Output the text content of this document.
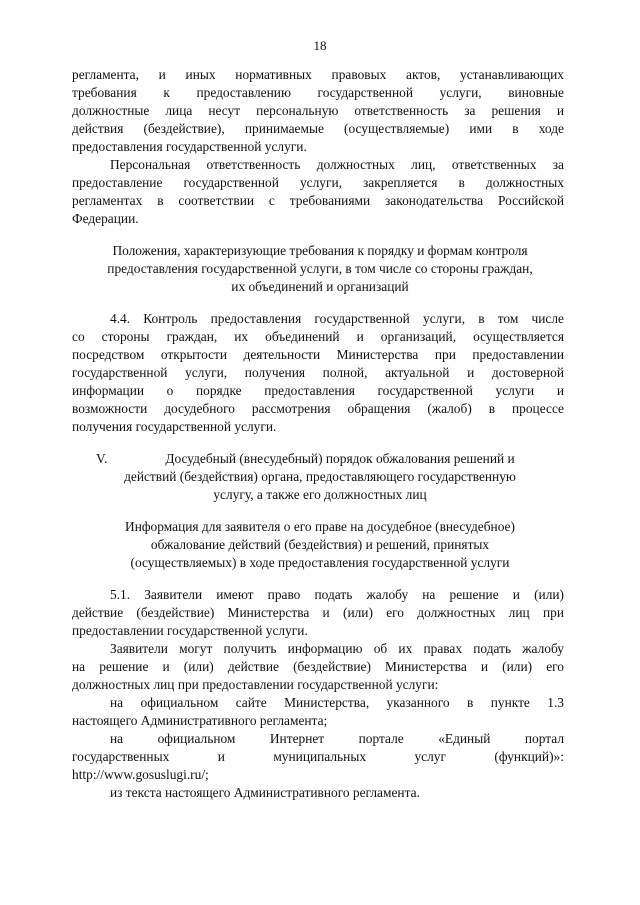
18
регламента, и иных нормативных правовых актов, устанавливающих
требования к предоставлению государственной услуги, виновные
должностные лица несут персональную ответственность за решения и
действия (бездействие), принимаемые (осуществляемые) ими в ходе
предоставления государственной услуги.
Персональная ответственность должностных лиц, ответственных за
предоставление государственной услуги, закрепляется в должностных
регламентах в соответствии с требованиями законодательства Российской
Федерации.
Положения, характеризующие требования к порядку и формам контроля
предоставления государственной услуги, в том числе со стороны граждан,
их объединений и организаций
4.4. Контроль предоставления государственной услуги, в том числе
со стороны граждан, их объединений и организаций, осуществляется
посредством открытости деятельности Министерства при предоставлении
государственной услуги, получения полной, актуальной и достоверной
информации о порядке предоставления государственной услуги и
возможности досудебного рассмотрения обращения (жалоб) в процессе
получения государственной услуги.
V.	Досудебный (внесудебный) порядок обжалования решений и
действий (бездействия) органа, предоставляющего государственную
услугу, а также его должностных лиц
Информация для заявителя о его праве на досудебное (внесудебное)
обжалование действий (бездействия) и решений, принятых
(осуществляемых) в ходе предоставления государственной услуги
5.1. Заявители имеют право подать жалобу на решение и (или)
действие (бездействие) Министерства и (или) его должностных лиц при
предоставлении государственной услуги.
Заявители могут получить информацию об их правах подать жалобу
на решение и (или) действие (бездействие) Министерства и (или) его
должностных лиц при предоставлении государственной услуги:
на официальном сайте Министерства, указанного в пункте 1.3
настоящего Административного регламента;
на	официальном	Интернет	портале	«Единый	портал
государственных	и	муниципальных	услуг	(функций)»:
http://www.gosuslugi.ru/;
из текста настоящего Административного регламента.
